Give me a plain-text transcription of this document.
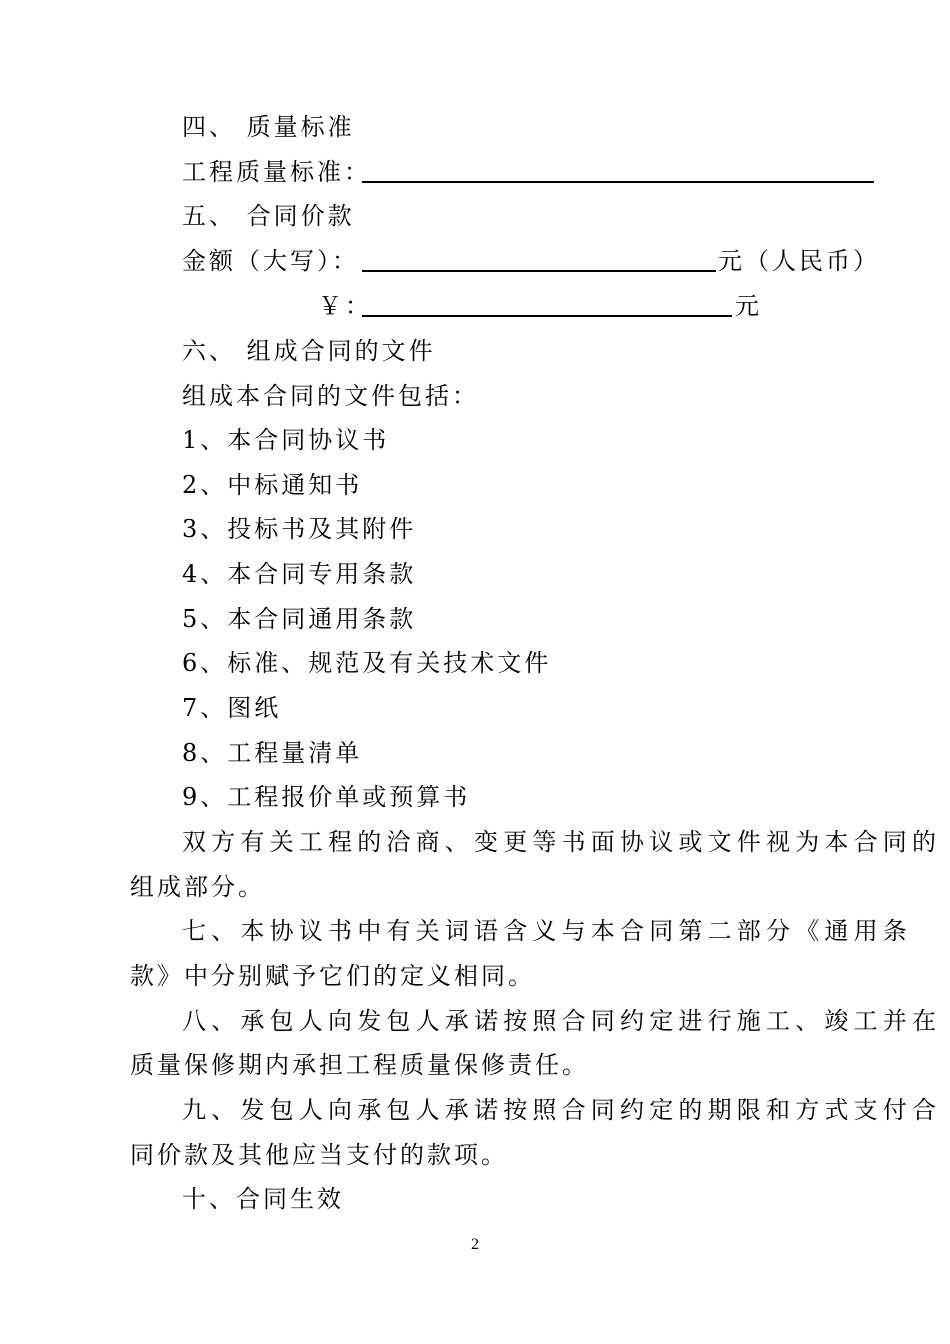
四、 质量标准
工程质量标准：
五、 合同价款
金额（大写）：	元（人民币）
￥：	元
六、 组成合同的文件
组成本合同的文件包括：
1、本合同协议书
2、中标通知书
3、投标书及其附件
4、本合同专用条款
5、本合同通用条款
6、标准、规范及有关技术文件
7、图纸
8、工程量清单
9、工程报价单或预算书
双方有关工程的洽商、变更等书面协议或文件视为本合同的
组成部分。
七、本协议书中有关词语含义与本合同第二部分《通用条
款》中分别赋予它们的定义相同。
八、承包人向发包人承诺按照合同约定进行施工、竣工并在
质量保修期内承担工程质量保修责任。
九、发包人向承包人承诺按照合同约定的期限和方式支付合
同价款及其他应当支付的款项。
十、合同生效
2
